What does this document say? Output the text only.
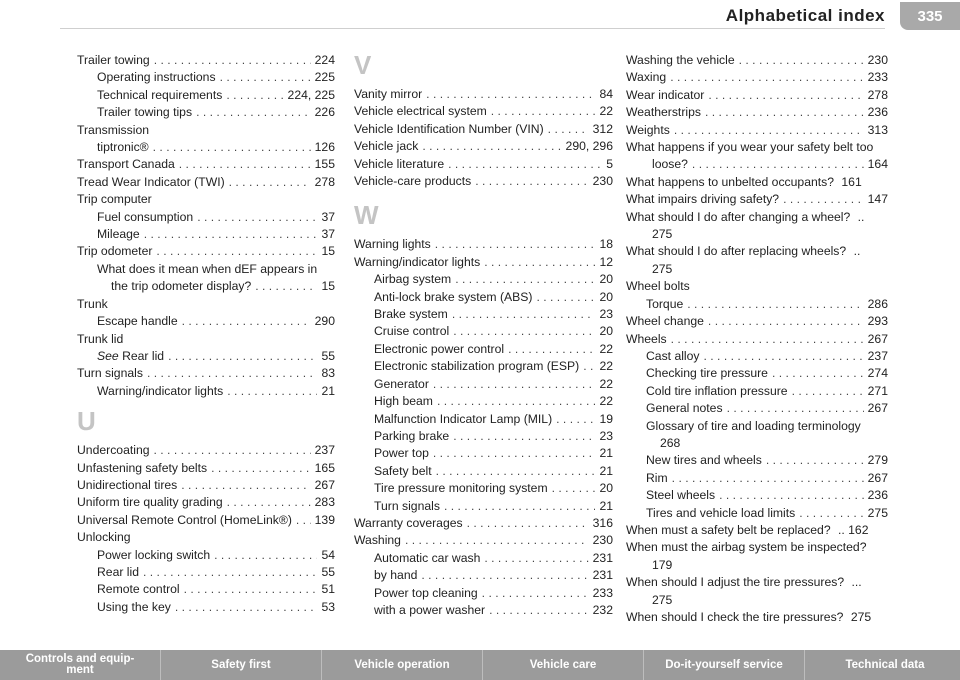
Alphabetical index	335
Trailer towing . . .	224
Operating instructions . . .	225
Technical requirements . . .	224, 225
Trailer towing tips . . .	226
Transmission
tiptronic® . . .	126
Transport Canada . . .	155
Tread Wear Indicator (TWI) . . .	278
Trip computer
Fuel consumption . . .	37
Mileage . . .	37
Trip odometer . . .	15
What does it mean when dEF appears in
the trip odometer display? . . .	15
Trunk
Escape handle . . .	290
Trunk lid
See Rear lid . . .	55
Turn signals . . .	83
Warning/indicator lights . . .	21
U
Undercoating . . .	237
Unfastening safety belts . . .	165
Unidirectional tires . . .	267
Uniform tire quality grading . . .	283
Universal Remote Control (HomeLink®) . . . 139
Unlocking
Power locking switch . . .	54
Rear lid . . .	55
Remote control . . .	51
Using the key . . .	53
V
Vanity mirror . . .	84
Vehicle electrical system . . .	22
Vehicle Identification Number (VIN) . . .	312
Vehicle jack . . .	290, 296
Vehicle literature . . .	5
Vehicle-care products . . .	230
W
Warning lights . . .	18
Warning/indicator lights . . .	12
Airbag system . . .	20
Anti-lock brake system (ABS) . . .	20
Brake system . . .	23
Cruise control . . .	20
Electronic power control . . .	22
Electronic stabilization program (ESP) . . . 22
Generator . . .	22
High beam . . .	22
Malfunction Indicator Lamp (MIL) . . .	19
Parking brake . . .	23
Power top . . .	21
Safety belt . . .	21
Tire pressure monitoring system . . .	20
Turn signals . . .	21
Warranty coverages . . .	316
Washing . . .	230
Automatic car wash . . .	231
by hand . . .	231
Power top cleaning . . .	233
with a power washer . . .	232
Washing the vehicle . . .	230
Waxing . . .	233
Wear indicator . . .	278
Weatherstrips . . .	236
Weights . . .	313
What happens if you wear your safety belt too
loose? . . .	164
What happens to unbelted occupants? 161
What impairs driving safety? . . .	147
What should I do after changing a wheel? ..
275
What should I do after replacing wheels? ..
275
Wheel bolts
Torque . . .	286
Wheel change . . .	293
Wheels . . .	267
Cast alloy . . .	237
Checking tire pressure . . .	274
Cold tire inflation pressure . . .	271
General notes . . .	267
Glossary of tire and loading terminology
268
New tires and wheels . . .	279
Rim . . .	267
Steel wheels . . .	236
Tires and vehicle load limits . . .	275
When must a safety belt be replaced? .. 162
When must the airbag system be inspected?
179
When should I adjust the tire pressures? ...
275
When should I check the tire pressures? 275
Controls and equip-
ment	Safety first	Vehicle operation	Vehicle care	Do-it-yourself service	Technical data
